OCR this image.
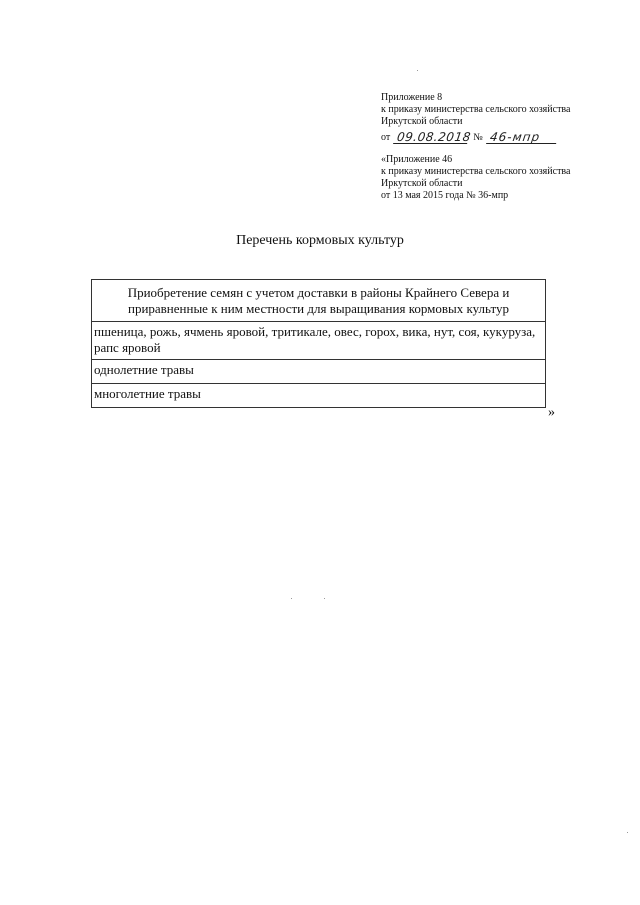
Приложение 8
к приказу министерства сельского хозяйства
Иркутской области
от 09.08.2018 № 46-мпр
«Приложение 46
к приказу министерства сельского хозяйства
Иркутской области
от 13 мая 2015 года № 36-мпр
Перечень кормовых культур
Приобретение семян с учетом доставки в районы Крайнего Севера и приравненные к ним местности для выращивания кормовых культур
пшеница, рожь, ячмень яровой, тритикале, овес, горох, вика, нут, соя, кукуруза, рапс яровой
однолетние травы
многолетние травы
»
